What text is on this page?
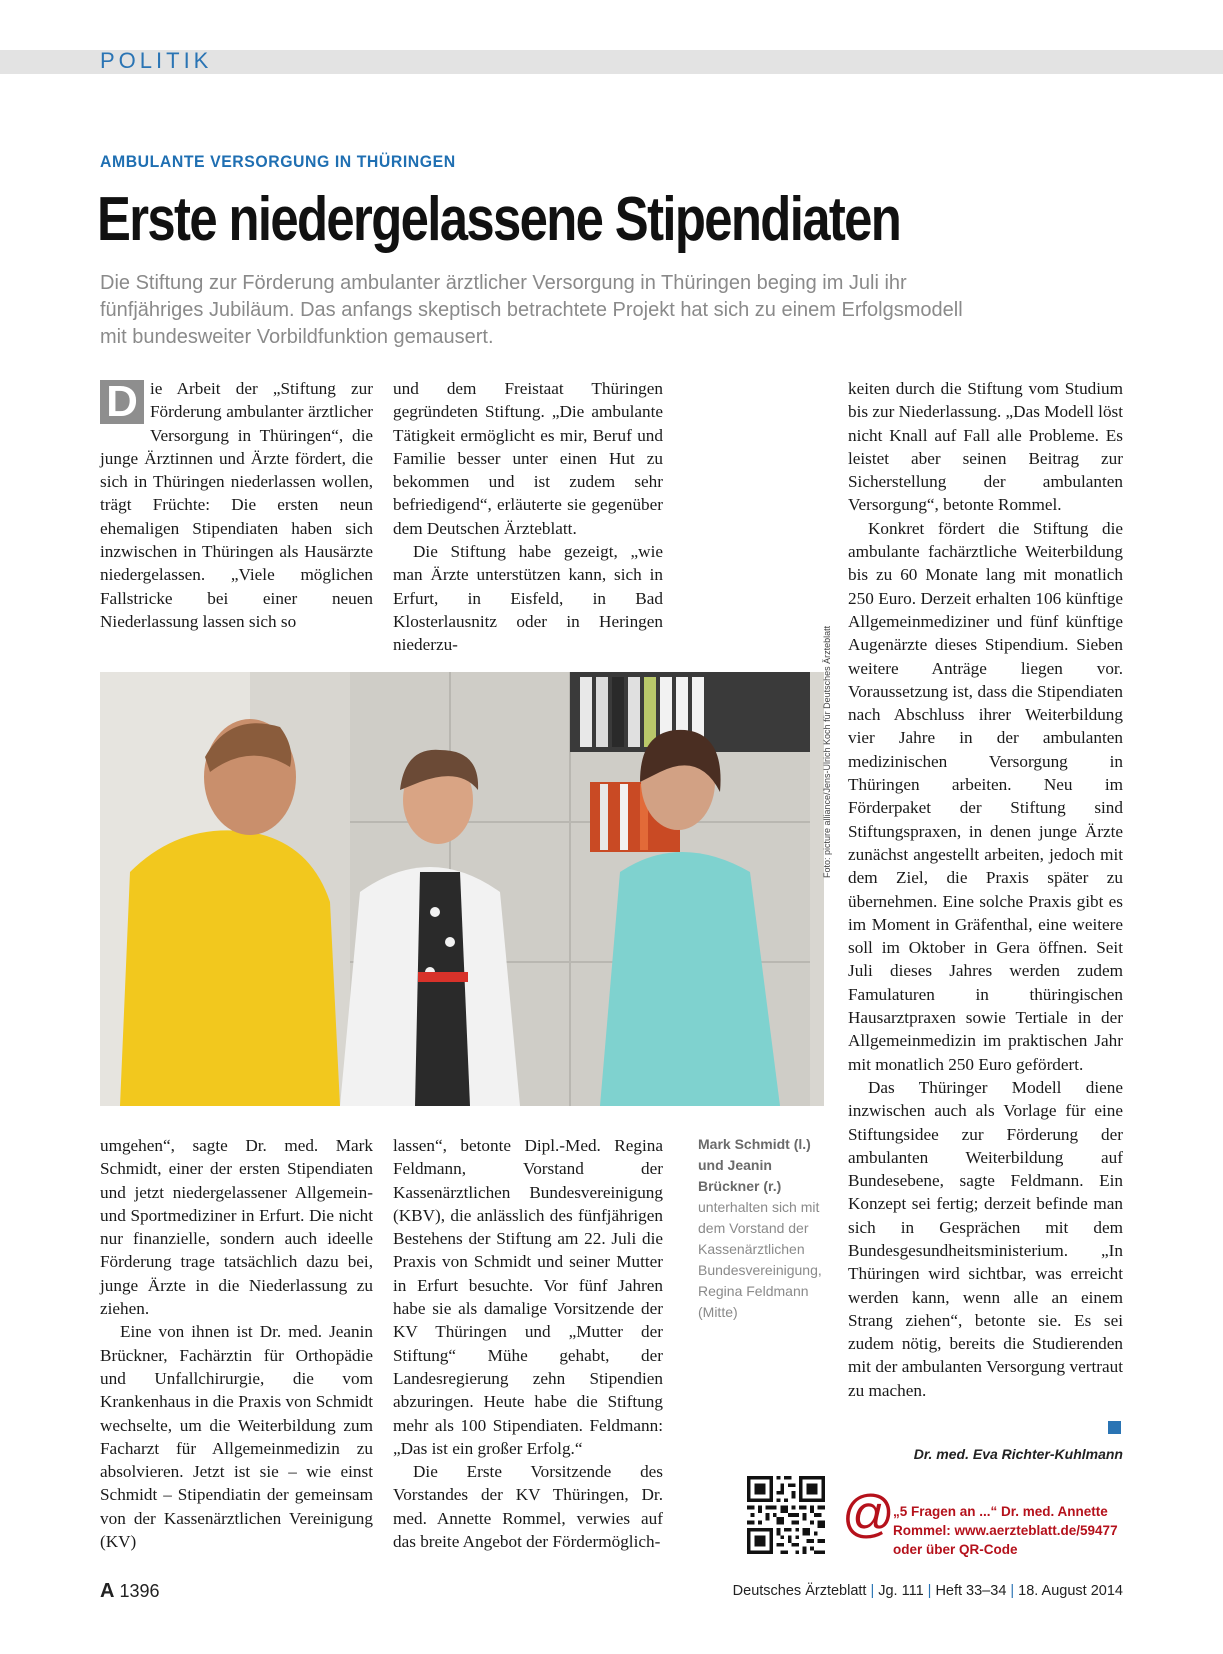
POLITIK
AMBULANTE VERSORGUNG IN THÜRINGEN
Erste niedergelassene Stipendiaten
Die Stiftung zur Förderung ambulanter ärztlicher Versorgung in Thüringen beging im Juli ihr fünfjähriges Jubiläum. Das anfangs skeptisch betrachtete Projekt hat sich zu einem Erfolgsmodell mit bundesweiter Vorbildfunktion gemausert.

D ie Arbeit der „Stiftung zur Förderung ambulanter ärztlicher Versorgung in Thüringen“, die junge Ärztinnen und Ärzte fördert, die sich in Thüringen niederlassen wollen, trägt Früchte: Die ersten neun ehemaligen Stipendiaten haben sich inzwischen in Thüringen als Hausärzte niedergelassen. „Viele möglichen Fallstricke bei einer neuen Niederlassung lassen sich so

und dem Freistaat Thüringen gegründeten Stiftung. „Die ambulante Tätigkeit ermöglicht es mir, Beruf und Familie besser unter einen Hut zu bekommen und ist zudem sehr befriedigend“, erläuterte sie gegenüber dem Deutschen Ärzteblatt.

Die Stiftung habe gezeigt, „wie man Ärzte unterstützen kann, sich in Erfurt, in Eisfeld, in Bad Klosterlausnitz oder in Heringen niederzu-	Foto: picture alliance/Jens-Ulrich Koch für Deutsches Ärzteblatt

umgehen“, sagte Dr. med. Mark Schmidt, einer der ersten Stipendiaten und jetzt niedergelassener Allgemein- und Sportmediziner in Erfurt. Die nicht nur finanzielle, sondern auch ideelle Förderung trage tatsächlich dazu bei, junge Ärzte in die Niederlassung zu ziehen.

Eine von ihnen ist Dr. med. Jeanin Brückner, Fachärztin für Orthopädie und Unfallchirurgie, die vom Krankenhaus in die Praxis von Schmidt wechselte, um die Weiterbildung zum Facharzt für Allgemeinmedizin zu absolvieren. Jetzt ist sie – wie einst Schmidt – Stipendiatin der gemeinsam von der Kassenärztlichen Vereinigung (KV)

lassen“, betonte Dipl.-Med. Regina Feldmann, Vorstand der Kassenärztlichen Bundesvereinigung (KBV), die anlässlich des fünfjährigen Bestehens der Stiftung am 22. Juli die Praxis von Schmidt und seiner Mutter in Erfurt besuchte. Vor fünf Jahren habe sie als damalige Vorsitzende der KV Thüringen und „Mutter der Stiftung“ Mühe gehabt, der Landesregierung zehn Stipendien abzuringen. Heute habe die Stiftung mehr als 100 Stipendiaten. Feldmann: „Das ist ein großer Erfolg.“

Die Erste Vorsitzende des Vorstandes der KV Thüringen, Dr. med. Annette Rommel, verwies auf das breite Angebot der Fördermöglich-

Mark Schmidt (l.) und Jeanin Brückner (r.)
unterhalten sich mit dem Vorstand der Kassenärztlichen Bundesvereinigung, Regina Feldmann (Mitte)

keiten durch die Stiftung vom Studium bis zur Niederlassung. „Das Modell löst nicht Knall auf Fall alle Probleme. Es leistet aber seinen Beitrag zur Sicherstellung der ambulanten Versorgung“, betonte Rommel.

Konkret fördert die Stiftung die ambulante fachärztliche Weiterbildung bis zu 60 Monate lang mit monatlich 250 Euro. Derzeit erhalten 106 künftige Allgemeinmediziner und fünf künftige Augenärzte dieses Stipendium. Sieben weitere Anträge liegen vor. Voraussetzung ist, dass die Stipendiaten nach Abschluss ihrer Weiterbildung vier Jahre in der ambulanten medizinischen Versorgung in Thüringen arbeiten. Neu im Förderpaket der Stiftung sind Stiftungspraxen, in denen junge Ärzte zunächst angestellt arbeiten, jedoch mit dem Ziel, die Praxis später zu übernehmen. Eine solche Praxis gibt es im Moment in Gräfenthal, eine weitere soll im Oktober in Gera öffnen. Seit Juli dieses Jahres werden zudem Famulaturen in thüringischen Hausarztpraxen sowie Tertiale in der Allgemeinmedizin im praktischen Jahr mit monatlich 250 Euro gefördert.

Das Thüringer Modell diene inzwischen auch als Vorlage für eine Stiftungsidee zur Förderung der ambulanten Weiterbildung auf Bundesebene, sagte Feldmann. Ein Konzept sei fertig; derzeit befinde man sich in Gesprächen mit dem Bundesgesundheitsministerium. „In Thüringen wird sichtbar, was erreicht werden kann, wenn alle an einem Strang ziehen“, betonte sie. Es sei zudem nötig, bereits die Studierenden mit der ambulanten Versorgung vertraut zu machen.

Dr. med. Eva Richter-Kuhlmann
@
„5 Fragen an ...“ Dr. med. Annette Rommel: www.aerzteblatt.de/59477 oder über QR-Code
A 1396	Deutsches Ärzteblatt | Jg. 111 | Heft 33–34 | 18. August 2014
